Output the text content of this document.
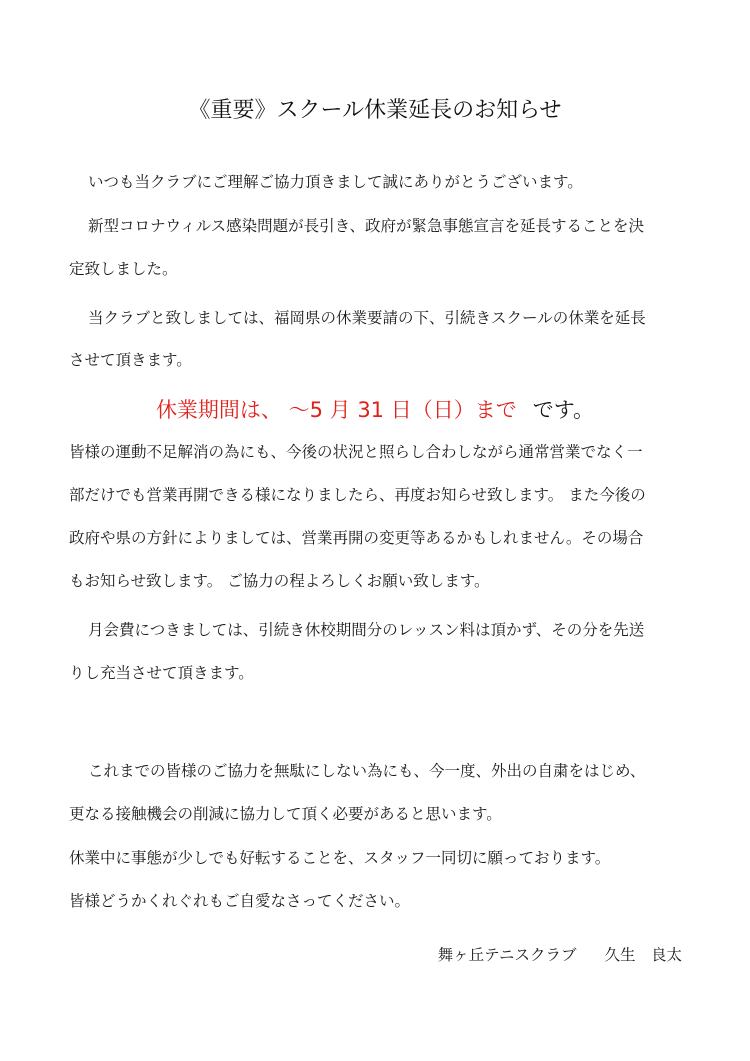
《重要》スクール休業延長のお知らせ
いつも当クラブにご理解ご協力頂きまして誠にありがとうございます。
新型コロナウィルス感染問題が長引き、政府が緊急事態宣言を延長することを決
定致しました。
当クラブと致しましては、福岡県の休業要請の下、引続きスクールの休業を延長
させて頂きます。
休業期間は、 ～5 月 31 日（日）まで です。
皆様の運動不足解消の為にも、今後の状況と照らし合わしながら通常営業でなく一
部だけでも営業再開できる様になりましたら、再度お知らせ致します。 また今後の
政府や県の方針によりましては、営業再開の変更等あるかもしれません。その場合
もお知らせ致します。 ご協力の程よろしくお願い致します。
月会費につきましては、引続き休校期間分のレッスン料は頂かず、その分を先送
りし充当させて頂きます。
これまでの皆様のご協力を無駄にしない為にも、今一度、外出の自粛をはじめ、
更なる接触機会の削減に協力して頂く必要があると思います。
休業中に事態が少しでも好転することを、スタッフ一同切に願っております。
皆様どうかくれぐれもご自愛なさってください。
舞ヶ丘テニスクラブ 久生　良太
